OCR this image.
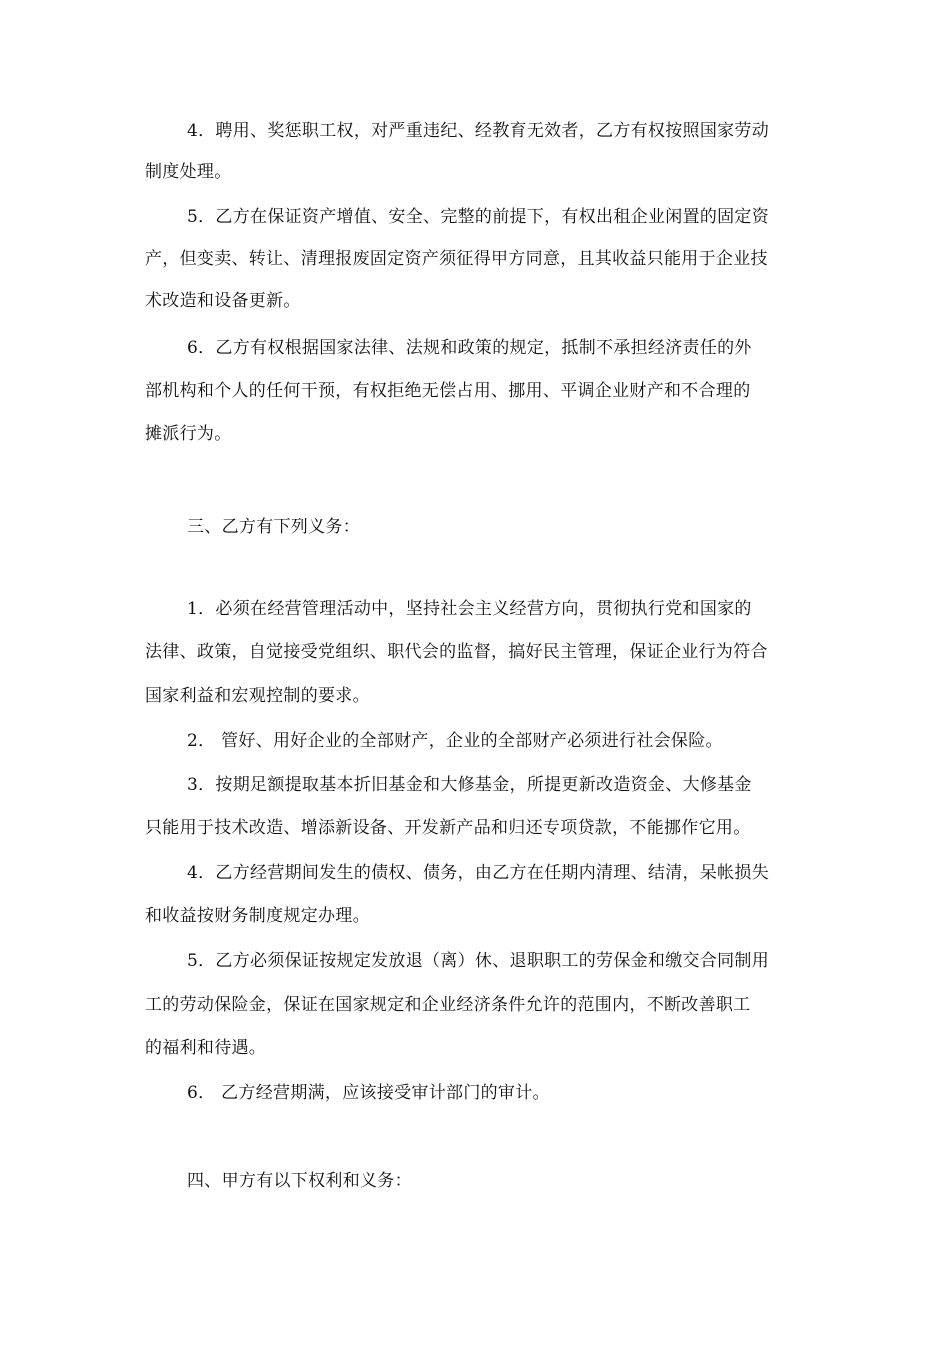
4．聘用、奖惩职工权，对严重违纪、经教育无效者，乙方有权按照国家劳动
制度处理。
5．乙方在保证资产增值、安全、完整的前提下，有权出租企业闲置的固定资
产，但变卖、转让、清理报废固定资产须征得甲方同意，且其收益只能用于企业技
术改造和设备更新。
6．乙方有权根据国家法律、法规和政策的规定，抵制不承担经济责任的外
部机构和个人的任何干预，有权拒绝无偿占用、挪用、平调企业财产和不合理的
摊派行为。
三、乙方有下列义务：
1．必须在经营管理活动中，坚持社会主义经营方向，贯彻执行党和国家的
法律、政策，自觉接受党组织、职代会的监督，搞好民主管理，保证企业行为符合
国家利益和宏观控制的要求。
2． 管好、用好企业的全部财产，企业的全部财产必须进行社会保险。
3．按期足额提取基本折旧基金和大修基金，所提更新改造资金、大修基金
只能用于技术改造、增添新设备、开发新产品和归还专项贷款，不能挪作它用。
4．乙方经营期间发生的债权、债务，由乙方在任期内清理、结清，呆帐损失
和收益按财务制度规定办理。
5．乙方必须保证按规定发放退（离）休、退职职工的劳保金和缴交合同制用
工的劳动保险金，保证在国家规定和企业经济条件允许的范围内，不断改善职工
的福利和待遇。
6． 乙方经营期满，应该接受审计部门的审计。
四、甲方有以下权利和义务：
